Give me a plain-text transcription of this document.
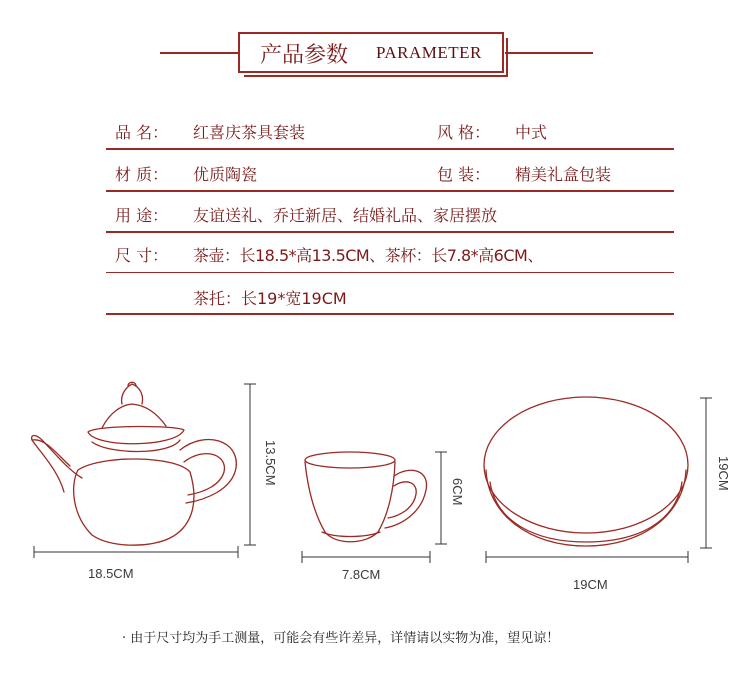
产品参数 PARAMETER
品 名： 红喜庆茶具套装	风 格： 中式
材 质： 优质陶瓷	包 装： 精美礼盒包装
用 途： 友谊送礼、乔迁新居、结婚礼品、家居摆放
尺 寸： 茶壶：长18.5*高13.5CM、茶杯：长7.8*高6CM、
茶托：长19*宽19CM
18.5CM
13.5CM
7.8CM
6CM
19CM
19CM
· 由于尺寸均为手工测量，可能会有些许差异，详情请以实物为准，望见谅！
